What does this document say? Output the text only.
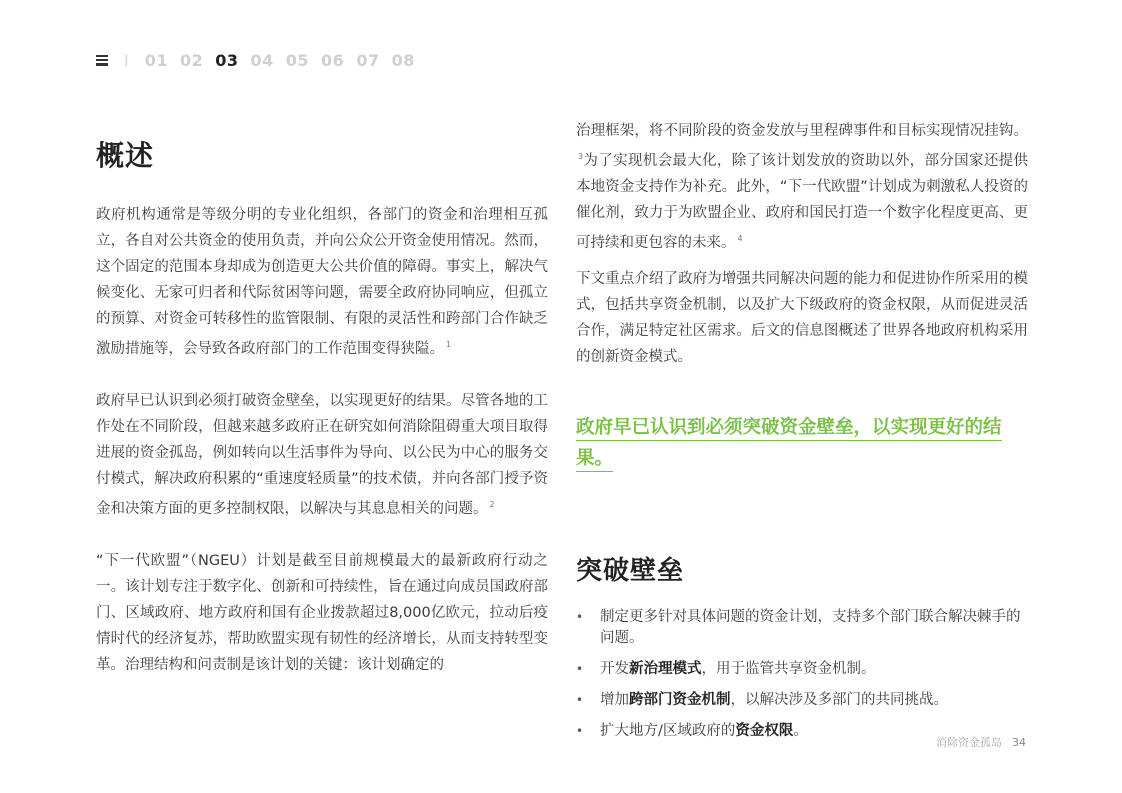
I 01 02 03 04 05 06 07 08
概述

政府机构通常是等级分明的专业化组织，各部门的资金和治理相互孤立，各自对公共资金的使用负责，并向公众公开资金使用情况。然而，这个固定的范围本身却成为创造更大公共价值的障碍。事实上，解决气候变化、无家可归者和代际贫困等问题，需要全政府协同响应，但孤立的预算、对资金可转移性的监管限制、有限的灵活性和跨部门合作缺乏激励措施等，会导致各政府部门的工作范围变得狭隘。 $^1$

政府早已认识到必须打破资金壁垒，以实现更好的结果。尽管各地的工作处在不同阶段，但越来越多政府正在研究如何消除阻碍重大项目取得进展的资金孤岛，例如转向以生活事件为导向、以公民为中心的服务交付模式，解决政府积累的“重速度轻质量”的技术债，并向各部门授予资金和决策方面的更多控制权限，以解决与其息息相关的问题。 $^2$

“下一代欧盟”（NGEU）计划是截至目前规模最大的最新政府行动之一。该计划专注于数字化、创新和可持续性，旨在通过向成员国政府部门、区域政府、地方政府和国有企业拨款超过8,000亿欧元，拉动后疫情时代的经济复苏，帮助欧盟实现有韧性的经济增长，从而支持转型变革。治理结构和问责制是该计划的关键：该计划确定的

治理框架，将不同阶段的资金发放与里程碑事件和目标实现情况挂钩。$^3$为了实现机会最大化，除了该计划发放的资助以外，部分国家还提供本地资金支持作为补充。此外，“下一代欧盟”计划成为刺激私人投资的催化剂，致力于为欧盟企业、政府和国民打造一个数字化程度更高、更可持续和更包容的未来。 $^4$

下文重点介绍了政府为增强共同解决问题的能力和促进协作所采用的模式，包括共享资金机制，以及扩大下级政府的资金权限，从而促进灵活合作，满足特定社区需求。后文的信息图概述了世界各地政府机构采用的创新资金模式。

政府早已认识到必须突破资金壁垒，以实现更好的结果。
突破壁垒
• 制定更多针对具体问题的资金计划，支持多个部门联合解决棘手的问题。
• 开发新治理模式，用于监管共享资金机制。
• 增加跨部门资金机制，以解决涉及多部门的共同挑战。
• 扩大地方/区域政府的资金权限。
消除资金孤岛 34
